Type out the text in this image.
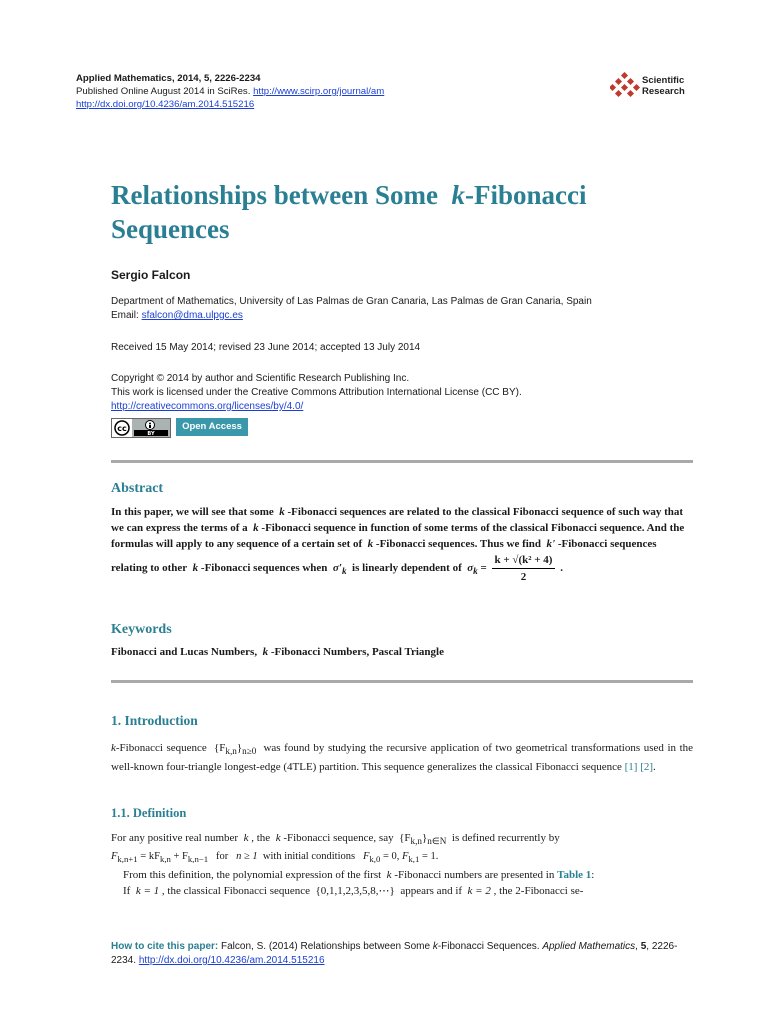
Applied Mathematics, 2014, 5, 2226-2234
Published Online August 2014 in SciRes. http://www.scirp.org/journal/am
http://dx.doi.org/10.4236/am.2014.515216
Scientific
Research
Relationships between Some k-Fibonacci
Sequences
Sergio Falcon
Department of Mathematics, University of Las Palmas de Gran Canaria, Las Palmas de Gran Canaria, Spain
Email: sfalcon@dma.ulpgc.es
Received 15 May 2014; revised 23 June 2014; accepted 13 July 2014
Copyright © 2014 by author and Scientific Research Publishing Inc.
This work is licensed under the Creative Commons Attribution International License (CC BY).
http://creativecommons.org/licenses/by/4.0/
cc
BY
Open Access
Abstract
In this paper, we will see that some k -Fibonacci sequences are related to the classical Fibonacci sequence of such way that we can express the terms of a k -Fibonacci sequence in function of some terms of the classical Fibonacci sequence. And the formulas will apply to any sequence of a certain set of k -Fibonacci sequences. Thus we find k' -Fibonacci sequences relating to other k -Fibonacci sequences when $\sigma'_k$ is linearly dependent of $\sigma_k = \frac{\text{k + √(k² + 4)}}{2}$ .
Keywords
Fibonacci and Lucas Numbers, k -Fibonacci Numbers, Pascal Triangle
1. Introduction
k-Fibonacci sequence $\{F_{k,n}\}_{n\ge 0}$ was found by studying the recursive application of two geometrical transformations used in the well-known four-triangle longest-edge (4TLE) partition. This sequence generalizes the classical Fibonacci sequence [1] [2].
1.1. Definition
For any positive real number k , the k -Fibonacci sequence, say $\{F_{k,n}\}_{n\in N}$ is defined recurrently by
$F_{k,n+1} = kF_{k,n} + F_{k,n-1}$ for n ≥ 1 with initial conditions $F_{k,0} = 0$, $F_{k,1} = 1$.
From this definition, the polynomial expression of the first k -Fibonacci numbers are presented in Table 1:
If k = 1 , the classical Fibonacci sequence {0,1,1,2,3,5,8,⋯} appears and if k = 2 , the 2-Fibonacci se-
How to cite this paper: Falcon, S. (2014) Relationships between Some k-Fibonacci Sequences. Applied Mathematics, 5, 2226-2234. http://dx.doi.org/10.4236/am.2014.515216
